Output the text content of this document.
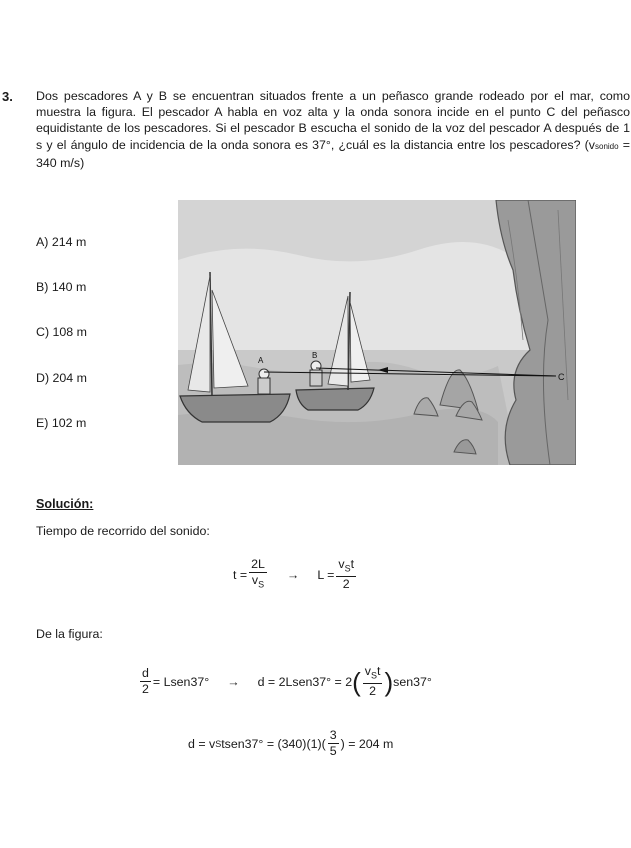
3. Dos pescadores A y B se encuentran situados frente a un peñasco grande rodeado por el mar, como muestra la figura. El pescador A habla en voz alta y la onda sonora incide en el punto C del peñasco equidistante de los pescadores. Si el pescador B escucha el sonido de la voz del pescador A después de 1 s y el ángulo de incidencia de la onda sonora es 37°, ¿cuál es la distancia entre los pescadores? (vsonido = 340 m/s)
A) 214 m
B) 140 m
C) 108 m
D) 204 m
E) 102 m
A
B
C
Solución:
Tiempo de recorrido del sonido:
$t = \frac{2L}{v_S} \to L = \frac{v_St}{2}$
De la figura:
$\frac{d}{2}$ = Lsen37° → d = 2Lsen37° = 2 ( $\frac{v_St}{2}$ ) sen37°
d = v S tsen37° = $(340)(1)( \frac{3}{5}$ ) = 204 m
